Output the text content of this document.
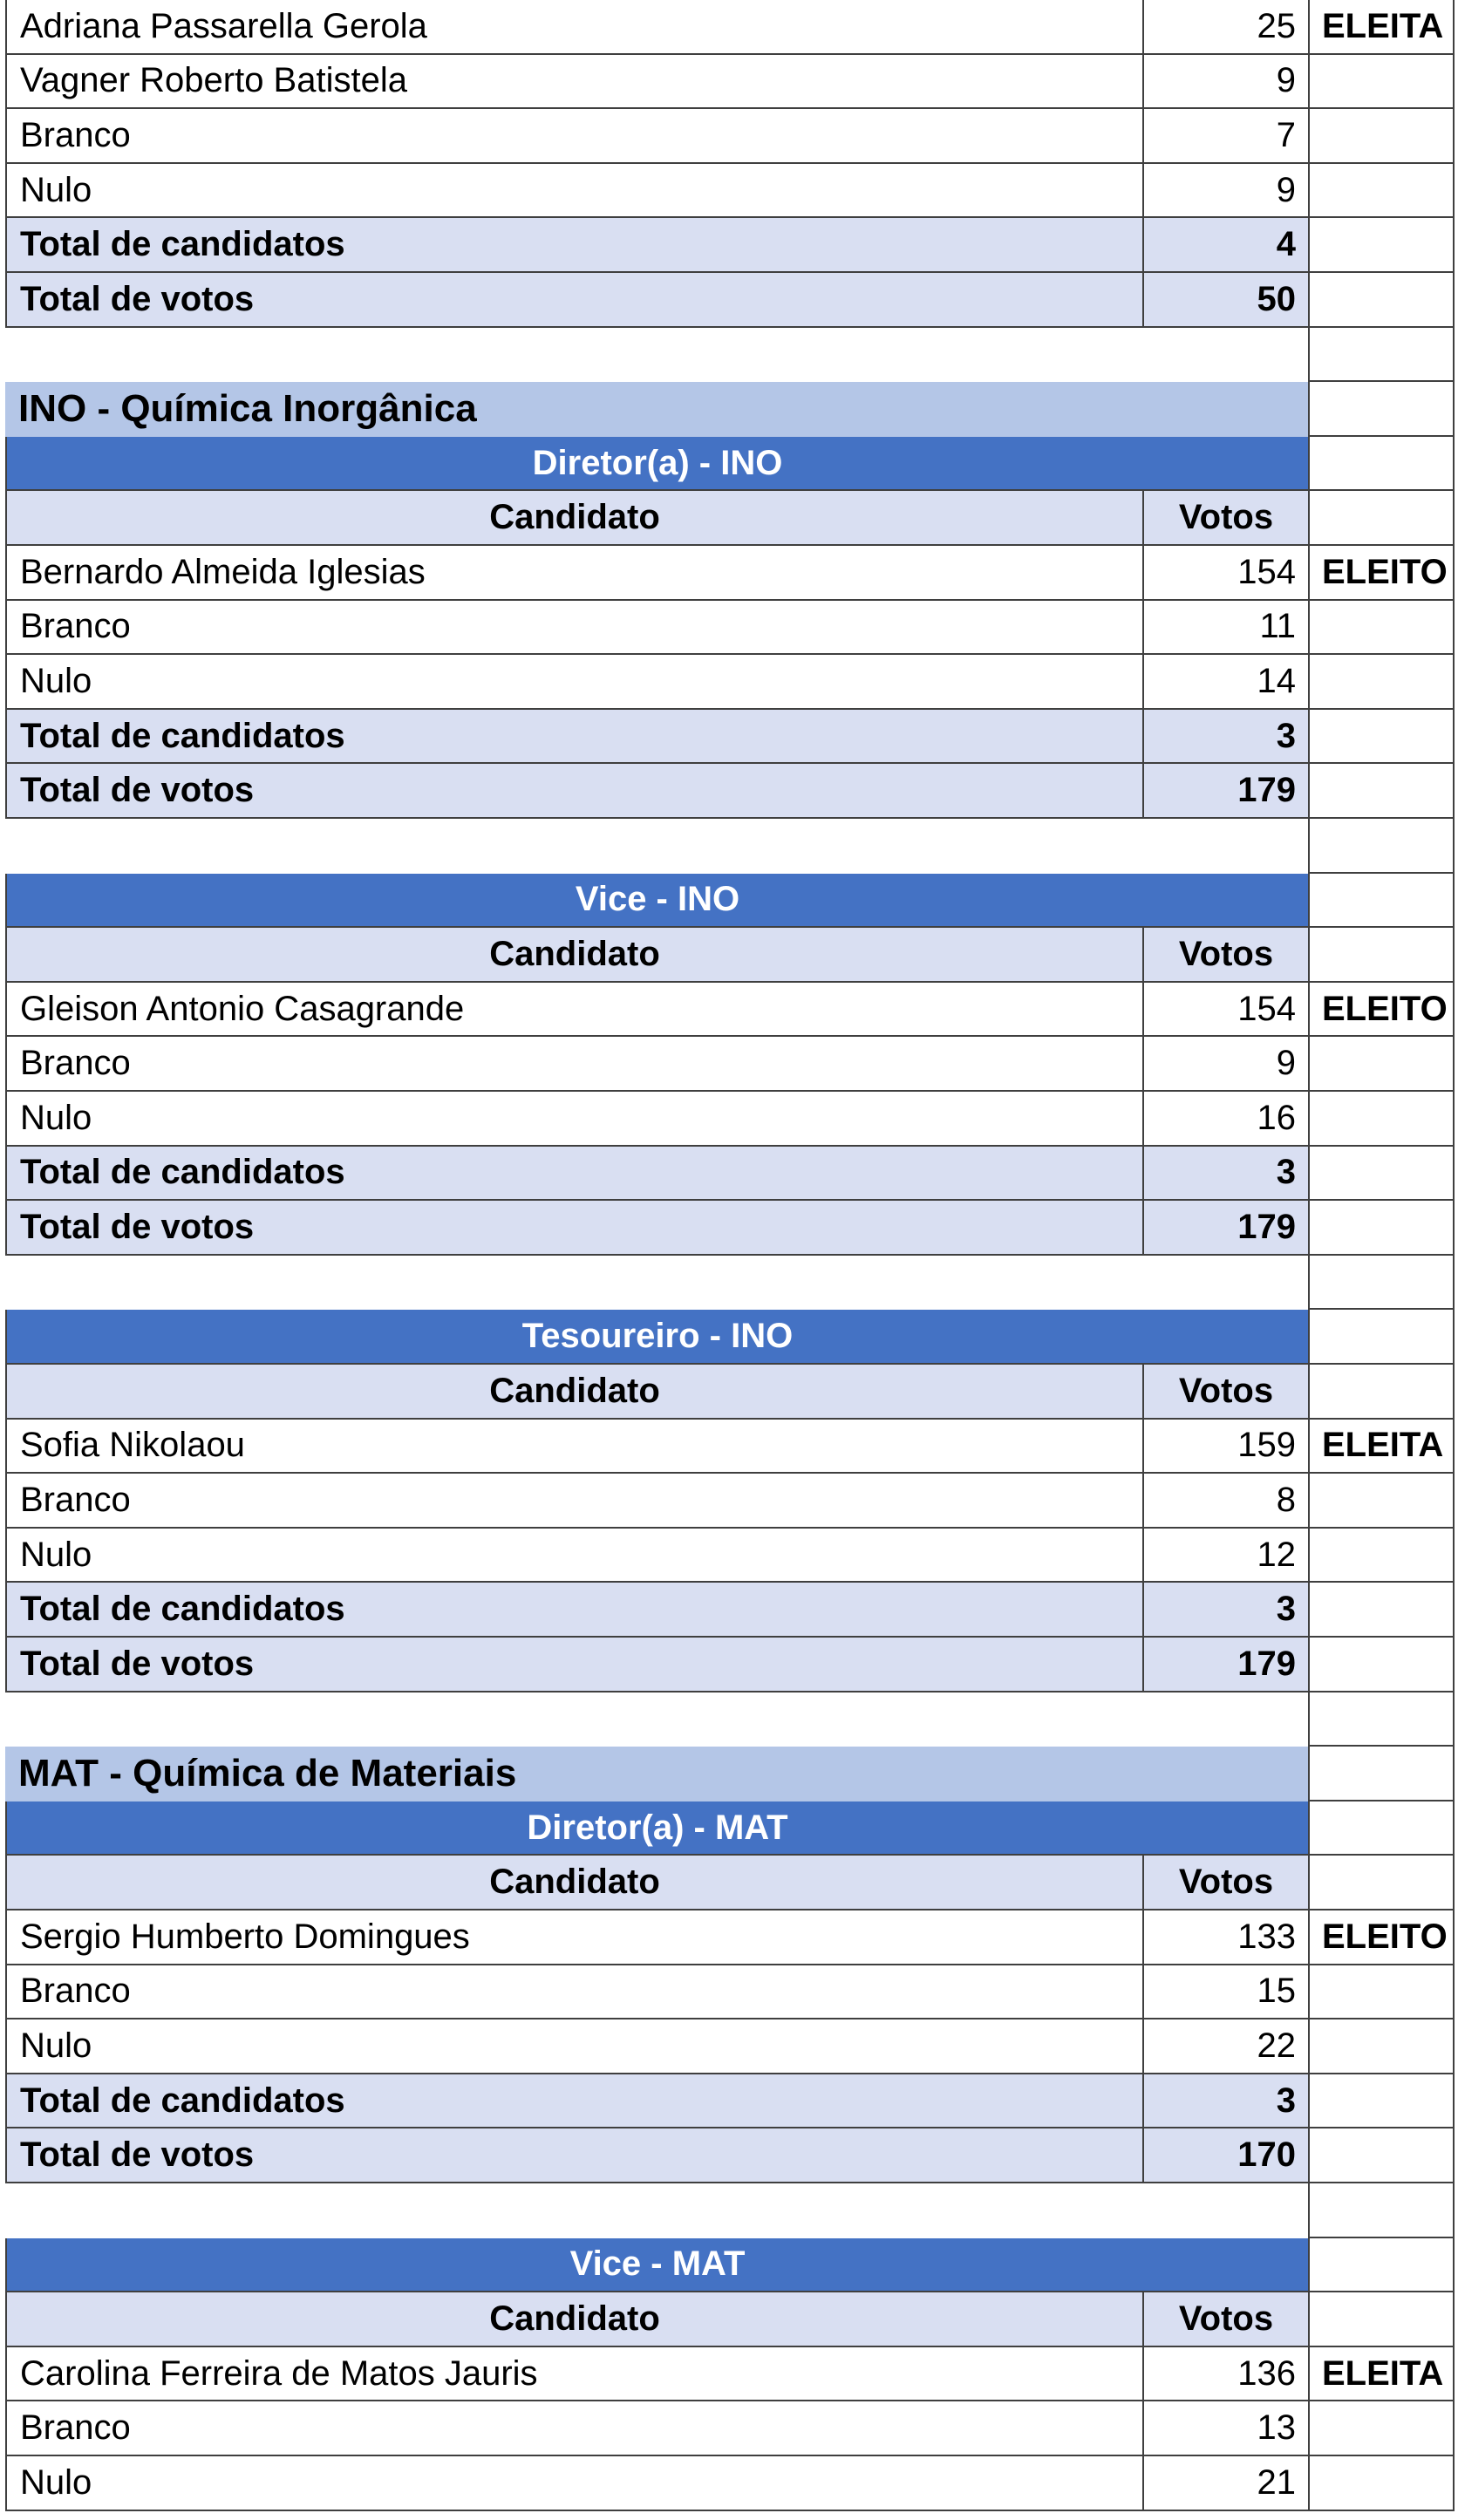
Adriana Passarella Gerola	25 ELEITA
Vagner Roberto Batistela	9
Branco	7
Nulo	9
Total de candidatos	4
Total de votos	50
INO - Química Inorgânica
Diretor(a) - INO
Candidato	Votos
Bernardo Almeida Iglesias	154 ELEITO
Branco	11
Nulo	14
Total de candidatos	3
Total de votos	179
Vice - INO
Candidato	Votos
Gleison Antonio Casagrande	154 ELEITO
Branco	9
Nulo	16
Total de candidatos	3
Total de votos	179
Tesoureiro - INO
Candidato	Votos
Sofia Nikolaou	159 ELEITA
Branco	8
Nulo	12
Total de candidatos	3
Total de votos	179
MAT - Química de Materiais
Diretor(a) - MAT
Candidato	Votos
Sergio Humberto Domingues	133 ELEITO
Branco	15
Nulo	22
Total de candidatos	3
Total de votos	170
Vice - MAT
Candidato	Votos
Carolina Ferreira de Matos Jauris	136 ELEITA
Branco	13
Nulo	21
